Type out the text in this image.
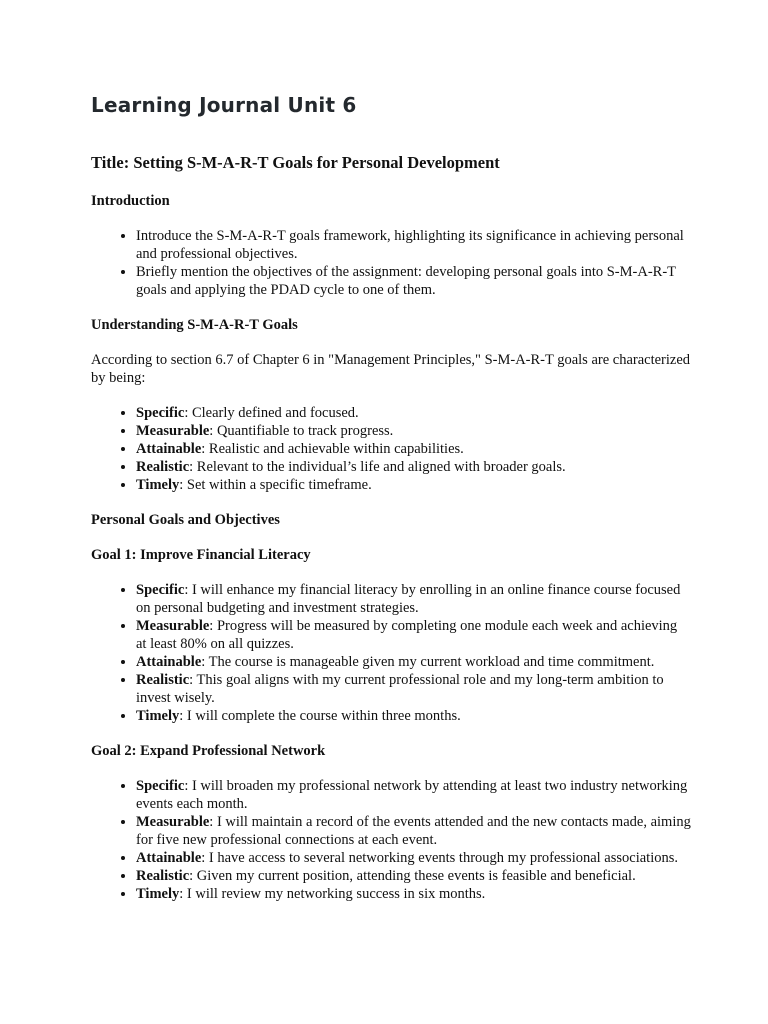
Learning Journal Unit 6
Title: Setting S-M-A-R-T Goals for Personal Development
Introduction
• Introduce the S-M-A-R-T goals framework, highlighting its significance in achieving personal and professional objectives.
• Briefly mention the objectives of the assignment: developing personal goals into S-M-A-R-T goals and applying the PDAD cycle to one of them.
Understanding S-M-A-R-T Goals

According to section 6.7 of Chapter 6 in "Management Principles," S-M-A-R-T goals are characterized by being:

• Specific: Clearly defined and focused.
• Measurable: Quantifiable to track progress.
• Attainable: Realistic and achievable within capabilities.
• Realistic: Relevant to the individual’s life and aligned with broader goals.
• Timely: Set within a specific timeframe.
Personal Goals and Objectives
Goal 1: Improve Financial Literacy
• Specific: I will enhance my financial literacy by enrolling in an online finance course focused on personal budgeting and investment strategies.
• Measurable: Progress will be measured by completing one module each week and achieving at least 80% on all quizzes.
• Attainable: The course is manageable given my current workload and time commitment.
• Realistic: This goal aligns with my current professional role and my long-term ambition to invest wisely.
• Timely: I will complete the course within three months.
Goal 2: Expand Professional Network
• Specific: I will broaden my professional network by attending at least two industry networking events each month.
• Measurable: I will maintain a record of the events attended and the new contacts made, aiming for five new professional connections at each event.
• Attainable: I have access to several networking events through my professional associations.
• Realistic: Given my current position, attending these events is feasible and beneficial.
• Timely: I will review my networking success in six months.
